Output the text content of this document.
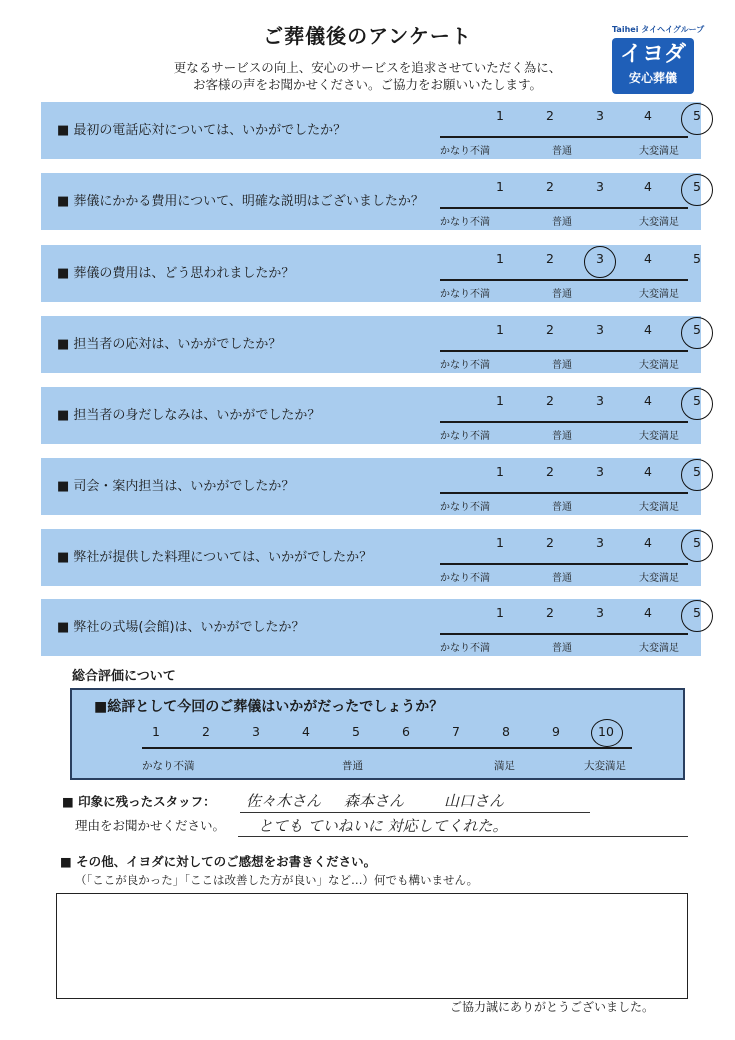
ご葬儀後のアンケート
更なるサービスの向上、安心のサービスを追求させていただく為に、
お客様の声をお聞かせください。ご協力をお願いいたします。
Taihei タイヘイグループ
イヨダ
安心葬儀
■ 最初の電話応対については、いかがでしたか？
1	2	3	4	5
かなり不満	普通	大変満足
■ 葬儀にかかる費用について、明確な説明はございましたか？
1	2	3	4	5
かなり不満	普通	大変満足
■ 葬儀の費用は、どう思われましたか？
1	2	3	4	5
かなり不満	普通	大変満足
■ 担当者の応対は、いかがでしたか？
1	2	3	4	5
かなり不満	普通	大変満足
■ 担当者の身だしなみは、いかがでしたか？
1	2	3	4	5
かなり不満	普通	大変満足
■ 司会・案内担当は、いかがでしたか？
1	2	3	4	5
かなり不満	普通	大変満足
■ 弊社が提供した料理については、いかがでしたか？
1	2	3	4	5
かなり不満	普通	大変満足
■ 弊社の式場(会館)は、いかがでしたか？
1	2	3	4	5
かなり不満	普通	大変満足
総合評価について
■総評として今回のご葬儀はいかがだったでしょうか？
かなり不満	普通	満足	大変満足
1	2	3	4	5	6	7	8	9	10
■ 印象に残ったスタッフ： 佐々木さん 森本さん	山口さん
理由をお聞かせください。 とても ていねいに 対応してくれた。
■ その他、イヨダに対してのご感想をお書きください。
（「ここが良かった」「ここは改善した方が良い」など…）何でも構いません。
ご協力誠にありがとうございました。
